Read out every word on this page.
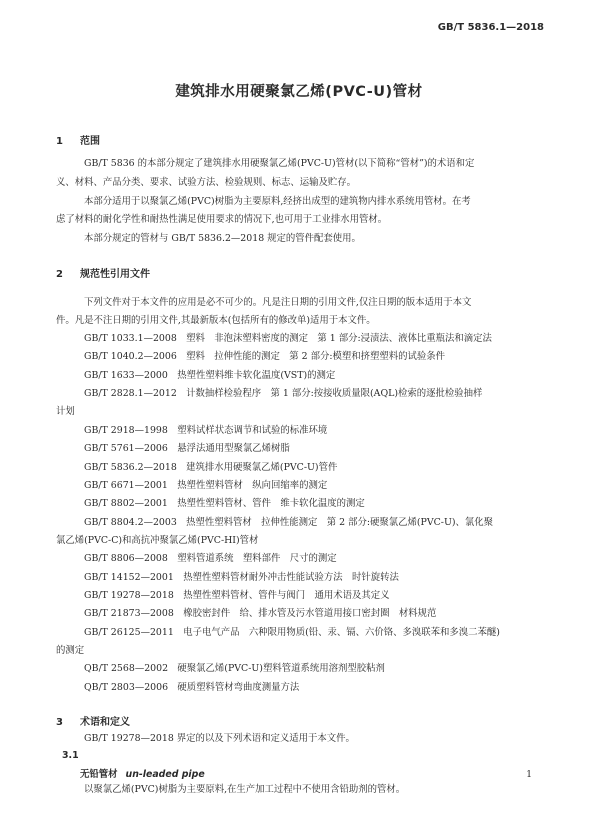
GB/T 5836.1—2018
建筑排水用硬聚氯乙烯(PVC-U)管材
1 范围
GB/T 5836 的本部分规定了建筑排水用硬聚氯乙烯(PVC-U)管材(以下简称“管材”)的术语和定
义、材料、产品分类、要求、试验方法、检验规则、标志、运输及贮存。
本部分适用于以聚氯乙烯(PVC)树脂为主要原料,经挤出成型的建筑物内排水系统用管材。在考
虑了材料的耐化学性和耐热性满足使用要求的情况下,也可用于工业排水用管材。
本部分规定的管材与 GB/T 5836.2—2018 规定的管件配套使用。
2 规范性引用文件
下列文件对于本文件的应用是必不可少的。凡是注日期的引用文件,仅注日期的版本适用于本文
件。凡是不注日期的引用文件,其最新版本(包括所有的修改单)适用于本文件。
GB/T 1033.1—2008　塑料　非泡沫塑料密度的测定　第 1 部分:浸渍法、液体比重瓶法和滴定法
GB/T 1040.2—2006　塑料　拉伸性能的测定　第 2 部分:模塑和挤塑塑料的试验条件
GB/T 1633—2000　热塑性塑料维卡软化温度(VST)的测定
GB/T 2828.1—2012　计数抽样检验程序　第 1 部分:按接收质量限(AQL)检索的逐批检验抽样
计划
GB/T 2918—1998　塑料试样状态调节和试验的标准环境
GB/T 5761—2006　悬浮法通用型聚氯乙烯树脂
GB/T 5836.2—2018　建筑排水用硬聚氯乙烯(PVC-U)管件
GB/T 6671—2001　热塑性塑料管材　纵向回缩率的测定
GB/T 8802—2001　热塑性塑料管材、管件　维卡软化温度的测定
GB/T 8804.2—2003　热塑性塑料管材　拉伸性能测定　第 2 部分:硬聚氯乙烯(PVC-U)、氯化聚
氯乙烯(PVC-C)和高抗冲聚氯乙烯(PVC-HI)管材
GB/T 8806—2008　塑料管道系统　塑料部件　尺寸的测定
GB/T 14152—2001　热塑性塑料管材耐外冲击性能试验方法　时针旋转法
GB/T 19278—2018　热塑性塑料管材、管件与阀门　通用术语及其定义
GB/T 21873—2008　橡胶密封件　给、排水管及污水管道用接口密封圈　材料规范
GB/T 26125—2011　电子电气产品　六种限用物质(铅、汞、镉、六价铬、多溴联苯和多溴二苯醚)
的测定
QB/T 2568—2002　硬聚氯乙烯(PVC-U)塑料管道系统用溶剂型胶粘剂
QB/T 2803—2006　硬质塑料管材弯曲度测量方法
3 术语和定义
GB/T 19278—2018 界定的以及下列术语和定义适用于本文件。
3.1
无铅管材 un-leaded pipe
以聚氯乙烯(PVC)树脂为主要原料,在生产加工过程中不使用含铅助剂的管材。
1
